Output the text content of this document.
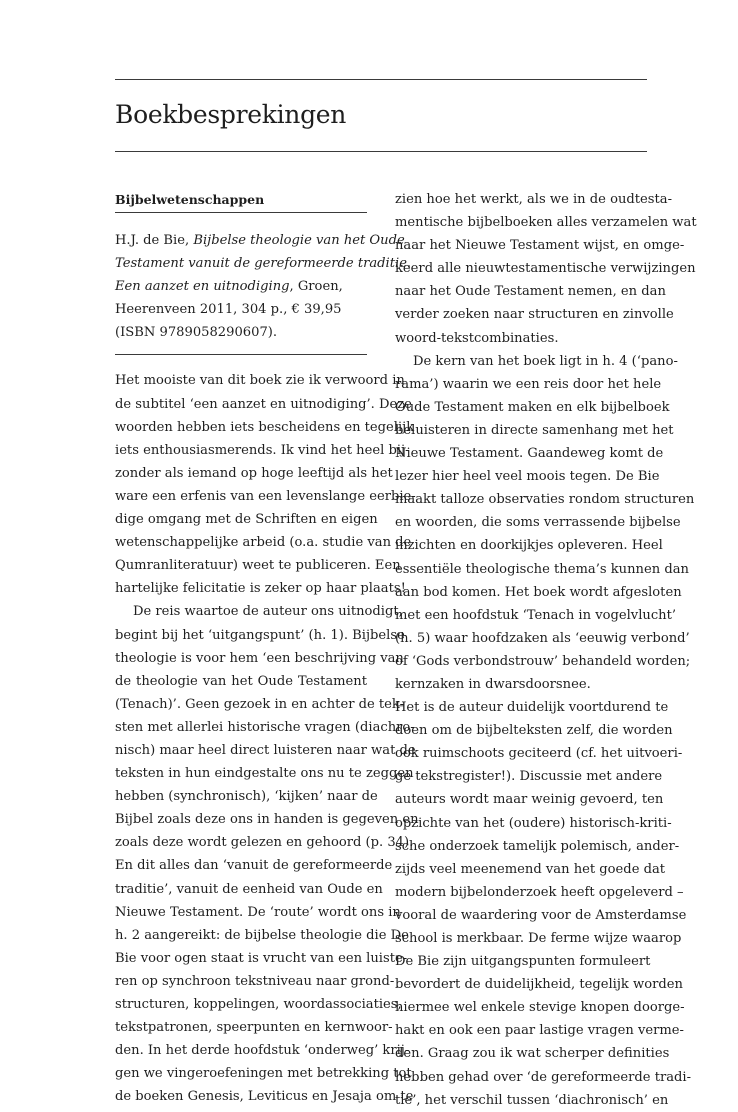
Boekbesprekingen
Bijbelwetenschappen
H.J. de Bie, Bijbelse theologie van het Oude
Testament vanuit de gereformeerde traditie.
Een aanzet en uitnodiging, Groen,
Heerenveen 2011, 304 p., € 39,95
(ISBN 9789058290607).
Het mooiste van dit boek zie ik verwoord in
de subtitel ‘een aanzet en uitnodiging’. Deze
woorden hebben iets bescheidens en tegelijk
iets enthousiasmerends. Ik vind het heel bij-
zonder als iemand op hoge leeftijd als het
ware een erfenis van een levenslange eerbie-
dige omgang met de Schriften en eigen
wetenschappelijke arbeid (o.a. studie van de
Qumranliteratuur) weet te publiceren. Een
hartelijke felicitatie is zeker op haar plaats!
De reis waartoe de auteur ons uitnodigt,
begint bij het ‘uitgangspunt’ (h. 1). Bijbelse
theologie is voor hem ‘een beschrijving van
de theologie van het Oude Testament
(Tenach)’. Geen gezoek in en achter de tek-
sten met allerlei historische vragen (diachro-
nisch) maar heel direct luisteren naar wat de
teksten in hun eindgestalte ons nu te zeggen
hebben (synchronisch), ‘kijken’ naar de
Bijbel zoals deze ons in handen is gegeven en
zoals deze wordt gelezen en gehoord (p. 34).
En dit alles dan ‘vanuit de gereformeerde
traditie’, vanuit de eenheid van Oude en
Nieuwe Testament. De ‘route’ wordt ons in
h. 2 aangereikt: de bijbelse theologie die De
Bie voor ogen staat is vrucht van een luiste-
ren op synchroon tekstniveau naar grond-
structuren, koppelingen, woordassociaties,
tekstpatronen, speerpunten en kernwoor-
den. In het derde hoofdstuk ‘onderweg’ krij-
gen we vingeroefeningen met betrekking tot
de boeken Genesis, Leviticus en Jesaja om te
zien hoe het werkt, als we in de oudtesta-
mentische bijbelboeken alles verzamelen wat
naar het Nieuwe Testament wijst, en omge-
keerd alle nieuwtestamentische verwijzingen
naar het Oude Testament nemen, en dan
verder zoeken naar structuren en zinvolle
woord-tekstcombinaties.
De kern van het boek ligt in h. 4 (‘pano-
rama’) waarin we een reis door het hele
Oude Testament maken en elk bijbelboek
beluisteren in directe samenhang met het
Nieuwe Testament. Gaandeweg komt de
lezer hier heel veel moois tegen. De Bie
maakt talloze observaties rondom structuren
en woorden, die soms verrassende bijbelse
inzichten en doorkijkjes opleveren. Heel
essentiële theologische thema’s kunnen dan
aan bod komen. Het boek wordt afgesloten
met een hoofdstuk ‘Tenach in vogelvlucht’
(h. 5) waar hoofdzaken als ‘eeuwig verbond’
of ‘Gods verbondstrouw’ behandeld worden;
kernzaken in dwarsdoorsnee.
Het is de auteur duidelijk voortdurend te
doen om de bijbelteksten zelf, die worden
ook ruimschoots geciteerd (cf. het uitvoeri-
ge tekstregister!). Discussie met andere
auteurs wordt maar weinig gevoerd, ten
opzichte van het (oudere) historisch-kriti-
sche onderzoek tamelijk polemisch, ander-
zijds veel meenemend van het goede dat
modern bijbelonderzoek heeft opgeleverd –
vooral de waardering voor de Amsterdamse
school is merkbaar. De ferme wijze waarop
De Bie zijn uitgangspunten formuleert
bevordert de duidelijkheid, tegelijk worden
hiermee wel enkele stevige knopen doorge-
hakt en ook een paar lastige vragen verme-
den. Graag zou ik wat scherper definities
hebben gehad over ‘de gereformeerde tradi-
tie’, het verschil tussen ‘diachronisch’ en
